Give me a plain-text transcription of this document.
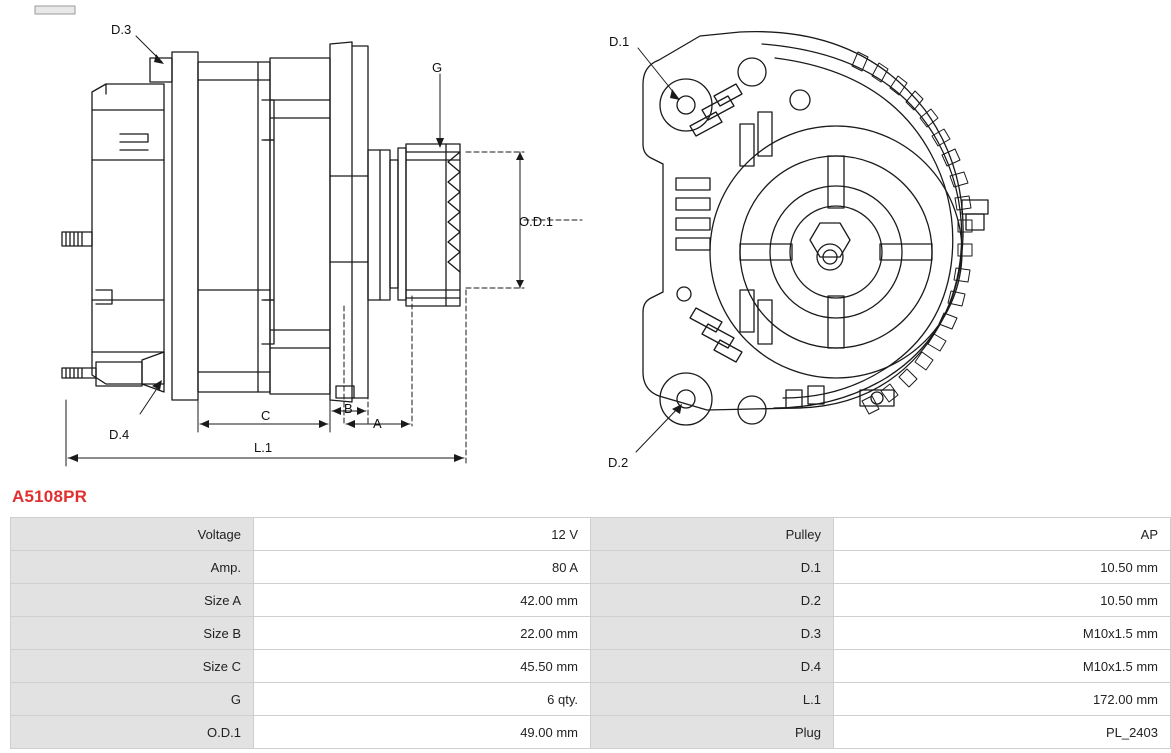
D.3
D.4
G
O.D.1
A
B
C
L.1
D.1
D.2
A5108PR
Voltage	12 V	Pulley	AP
Amp.	80 A	D.1	10.50 mm
Size A	42.00 mm	D.2	10.50 mm
Size B	22.00 mm	D.3	M10x1.5 mm
Size C	45.50 mm	D.4	M10x1.5 mm
G	6 qty.	L.1	172.00 mm
O.D.1	49.00 mm	Plug	PL_2403
